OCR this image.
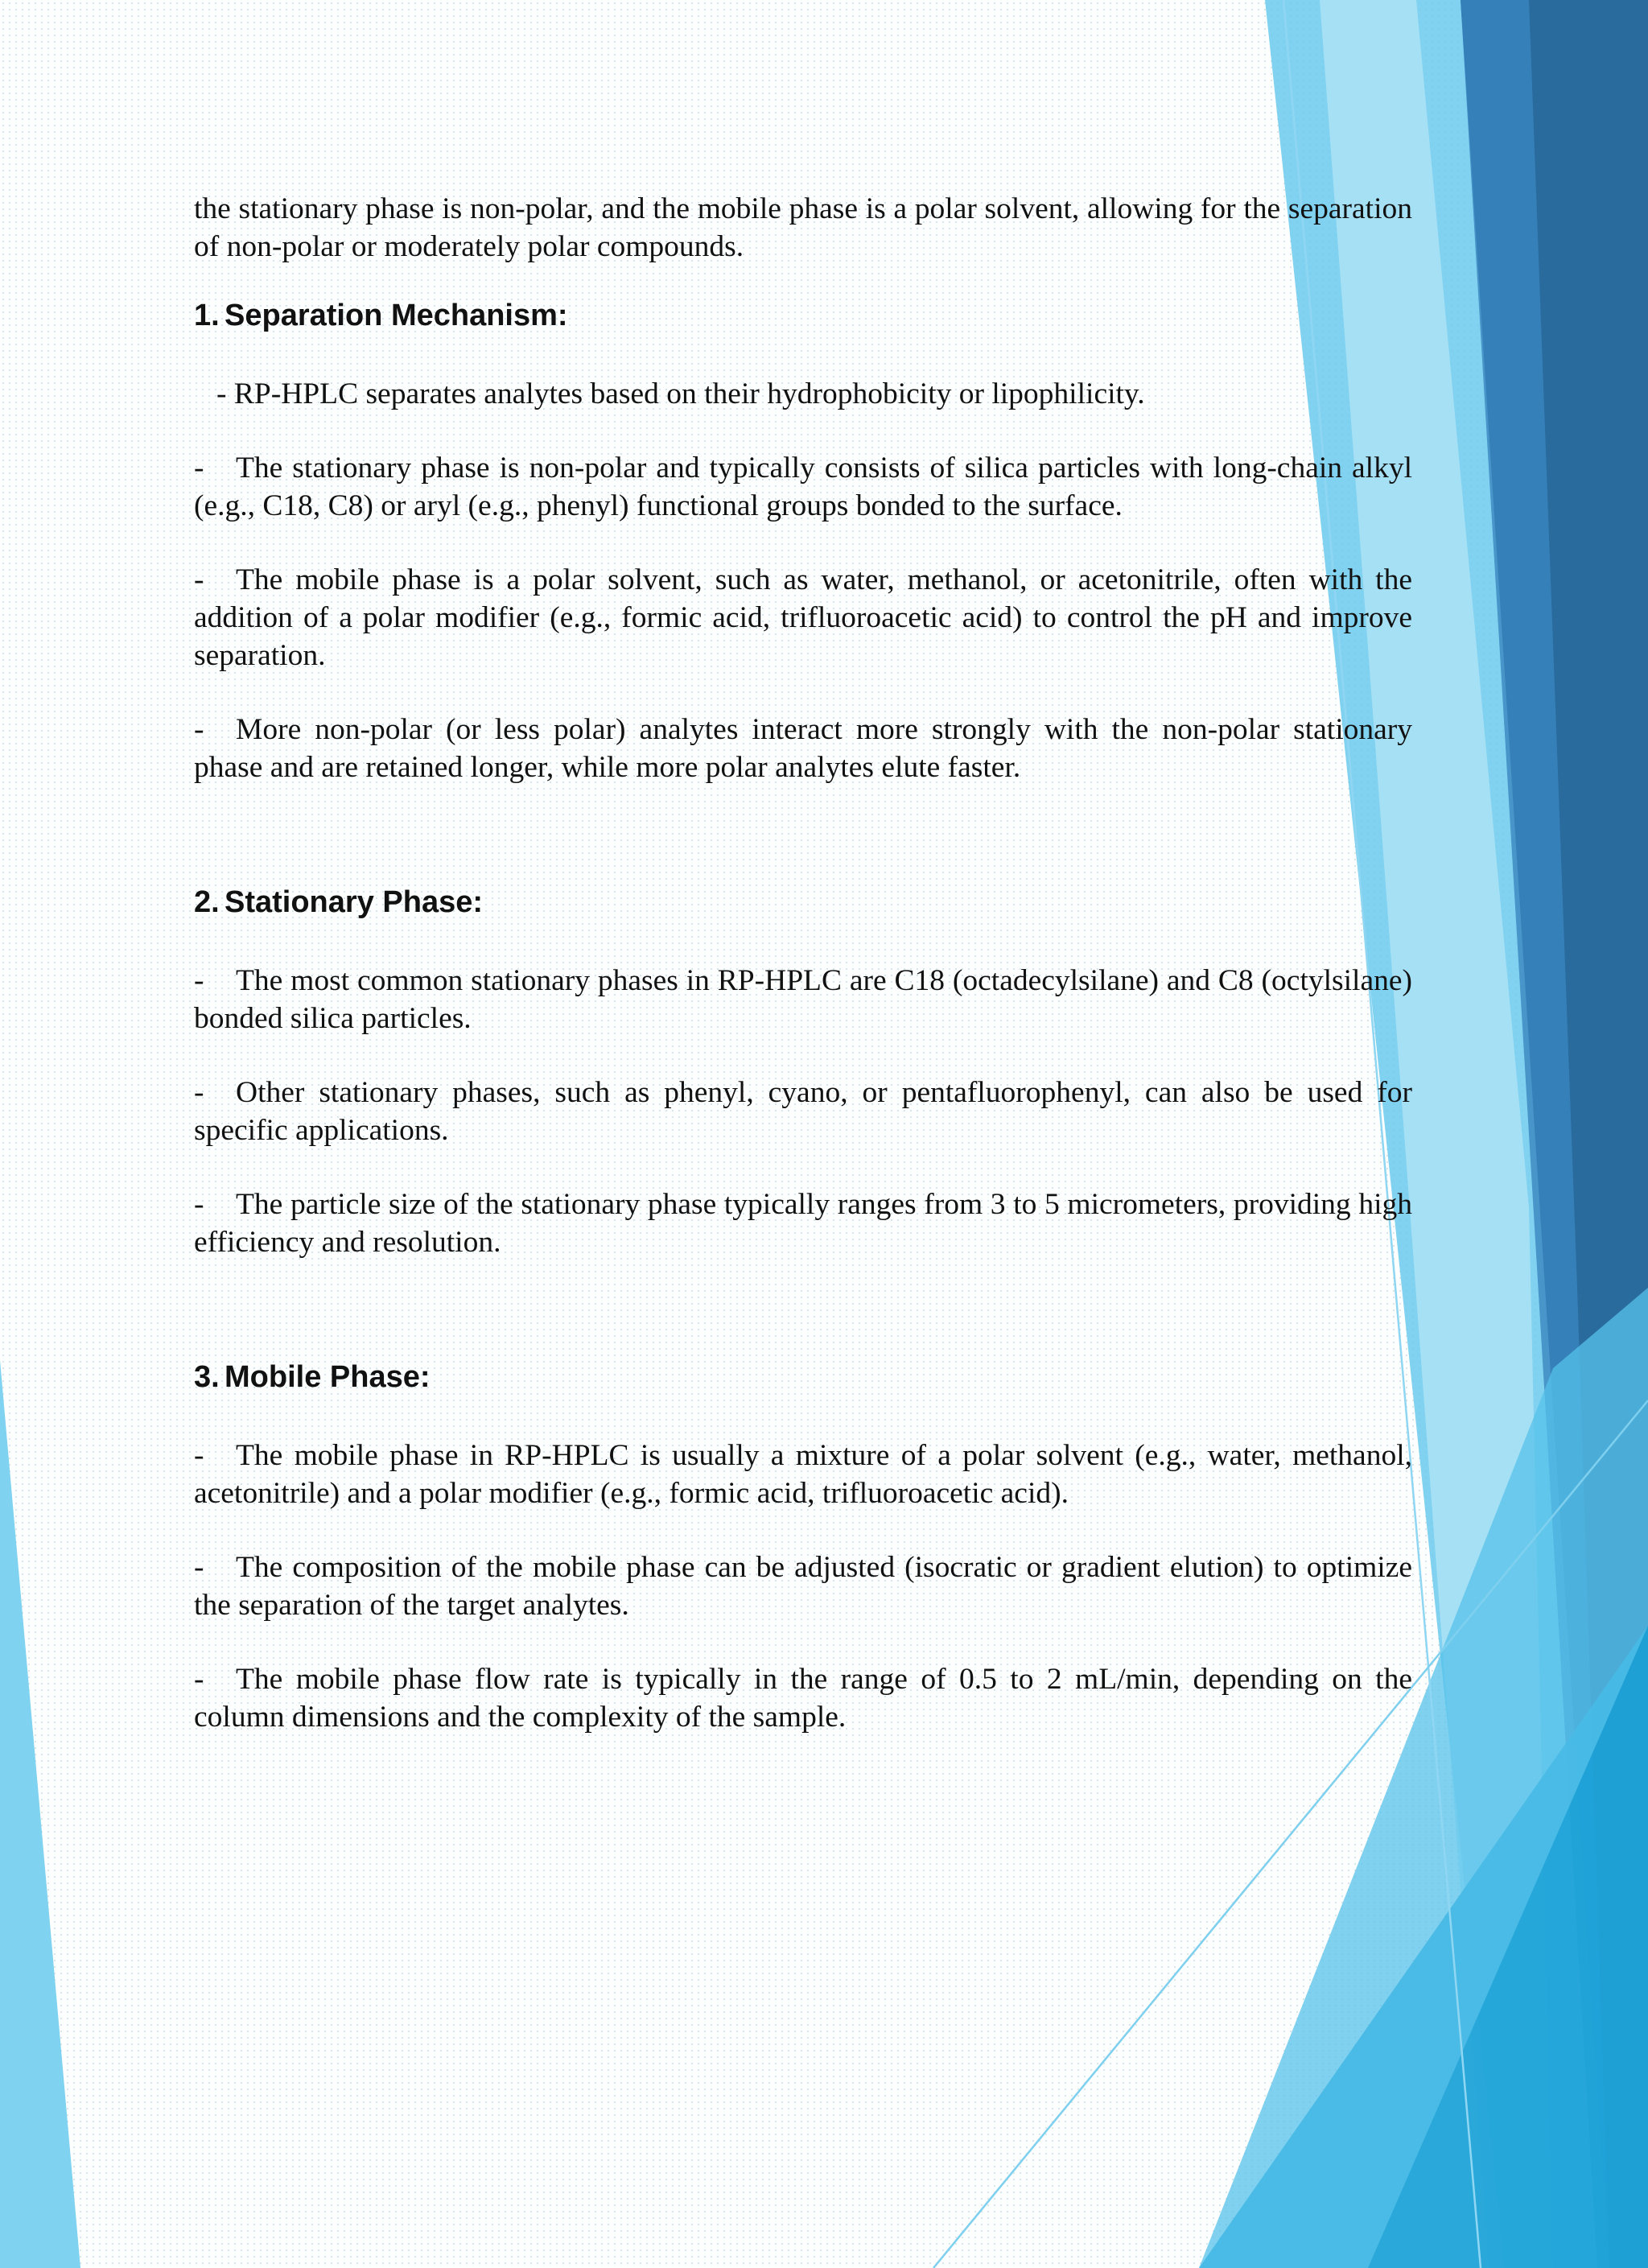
the stationary phase is non-polar, and the mobile phase is a polar solvent, allowing for the separation of non-polar or moderately polar compounds.

1. Separation Mechanism:

- RP-HPLC separates analytes based on their hydrophobicity or lipophilicity.

- The stationary phase is non-polar and typically consists of silica particles with long-chain alkyl (e.g., C18, C8) or aryl (e.g., phenyl) functional groups bonded to the surface.

- The mobile phase is a polar solvent, such as water, methanol, or acetonitrile, often with the addition of a polar modifier (e.g., formic acid, trifluoroacetic acid) to control the pH and improve separation.

- More non-polar (or less polar) analytes interact more strongly with the non-polar stationary phase and are retained longer, while more polar analytes elute faster.

2. Stationary Phase:

- The most common stationary phases in RP-HPLC are C18 (octadecylsilane) and C8 (octylsilane) bonded silica particles.

- Other stationary phases, such as phenyl, cyano, or pentafluorophenyl, can also be used for specific applications.

- The particle size of the stationary phase typically ranges from 3 to 5 micrometers, providing high efficiency and resolution.

3. Mobile Phase:

- The mobile phase in RP-HPLC is usually a mixture of a polar solvent (e.g., water, methanol, acetonitrile) and a polar modifier (e.g., formic acid, trifluoroacetic acid).

- The composition of the mobile phase can be adjusted (isocratic or gradient elution) to optimize the separation of the target analytes.

- The mobile phase flow rate is typically in the range of 0.5 to 2 mL/min, depending on the column dimensions and the complexity of the sample.
